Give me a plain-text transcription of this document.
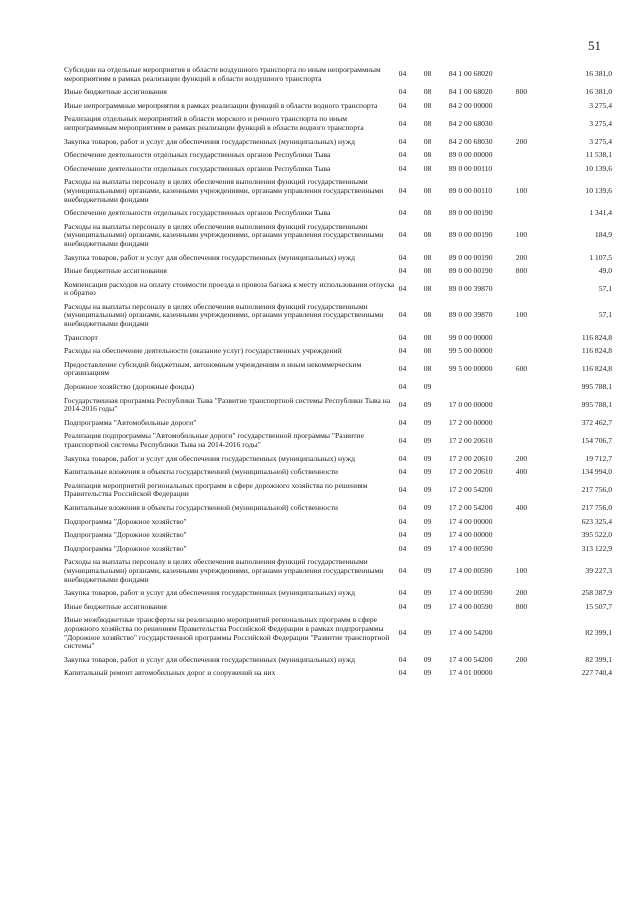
51
Субсидии на отдельные мероприятия в области воздушного транспорта по иным непрограммным мероприятиям в рамках реализации функций в области воздушного транспорта	04	08	84 1 00 68020		16 381,0
Иные бюджетные ассигнования	04	08	84 1 00 68020	800	16 381,0
Иные непрограммные мероприятия в рамках реализации функций в области водного транспорта	04	08	84 2 00 00000		3 275,4
Реализация отдельных мероприятий в области морского и речного транспорта по иным непрограммным мероприятиям в рамках реализации функций в области водного транспорта	04	08	84 2 00 68030		3 275,4
Закупка товаров, работ и услуг для обеспечения государственных (муниципальных) нужд	04	08	84 2 00 68030	200	3 275,4
Обеспечение деятельности отдельных государственных органов Республики Тыва	04	08	89 0 00 00000		11 538,1
Обеспечение деятельности отдельных государственных органов Республики Тыва	04	08	89 0 00 00110		10 139,6
Расходы на выплаты персоналу в целях обеспечения выполнения функций государственными (муниципальными) органами, казенными учреждениями, органами управления государственными внебюджетными фондами	04	08	89 0 00 00110	100	10 139,6
Обеспечение деятельности отдельных государственных органов Республики Тыва	04	08	89 0 00 00190		1 341,4
Расходы на выплаты персоналу в целях обеспечения выполнения функций государственными (муниципальными) органами, казенными учреждениями, органами управления государственными внебюджетными фондами	04	08	89 0 00 00190	100	184,9
Закупка товаров, работ и услуг для обеспечения государственных (муниципальных) нужд	04	08	89 0 00 00190	200	1 107,5
Иные бюджетные ассигнования	04	08	89 0 00 00190	800	49,0
Компенсация расходов на оплату стоимости проезда и провоза багажа к месту использования отпуска и обратно	04	08	89 0 00 39870		57,1
Расходы на выплаты персоналу в целях обеспечения выполнения функций государственными (муниципальными) органами, казенными учреждениями, органами управления государственными внебюджетными фондами	04	08	89 0 00 39870	100	57,1
Транспорт	04	08	99 0 00 00000		116 824,8
Расходы на обеспечение деятельности (оказание услуг) государственных учреждений	04	08	99 5 00 00000		116 824,8
Предоставление субсидий бюджетным, автономным учреждениям и иным некоммерческим организациям	04	08	99 5 00 00000	600	116 824,8
Дорожное хозяйство (дорожные фонды)	04	09			995 788,1
Государственная программа Республики Тыва "Развитие транспортной системы Республики Тыва на 2014-2016 годы"	04	09	17 0 00 00000		995 788,1
Подпрограмма "Автомобильные дороги"	04	09	17 2 00 00000		372 462,7
Реализация подпрограммы "Автомобильные дороги" государственной программы "Развитие транспортной системы Республики Тыва на 2014-2016 годы"	04	09	17 2 00 20610		154 706,7
Закупка товаров, работ и услуг для обеспечения государственных (муниципальных) нужд	04	09	17 2 00 20610	200	19 712,7
Капитальные вложения в объекты государственной (муниципальной) собственности	04	09	17 2 00 20610	400	134 994,0
Реализация мероприятий региональных программ в сфере дорожного хозяйства по решениям Правительства Российской Федерации	04	09	17 2 00 54200		217 756,0
Капитальные вложения в объекты государственной (муниципальной) собственности	04	09	17 2 00 54200	400	217 756,0
Подпрограмма "Дорожное хозяйство"	04	09	17 4 00 00000		623 325,4
Подпрограмма "Дорожное хозяйство"	04	09	17 4 00 00000		395 522,0
Подпрограмма "Дорожное хозяйство"	04	09	17 4 00 00590		313 122,9
Расходы на выплаты персоналу в целях обеспечения выполнения функций государственными (муниципальными) органами, казенными учреждениями, органами управления государственными внебюджетными фондами	04	09	17 4 00 00590	100	39 227,3
Закупка товаров, работ и услуг для обеспечения государственных (муниципальных) нужд	04	09	17 4 00 00590	200	258 387,9
Иные бюджетные ассигнования	04	09	17 4 00 00590	800	15 507,7
Иные межбюджетные трансферты на реализацию мероприятий региональных программ в сфере дорожного хозяйства по решениям Правительства Российской Федерации в рамках подпрограммы "Дорожное хозяйство" государственной программы Российской Федерации "Развитие транспортной системы"	04	09	17 4 00 54200		82 399,1
Закупка товаров, работ и услуг для обеспечения государственных (муниципальных) нужд	04	09	17 4 00 54200	200	82 399,1
Капитальный ремонт автомобильных дорог и сооружений на них	04	09	17 4 01 00000		227 740,4
